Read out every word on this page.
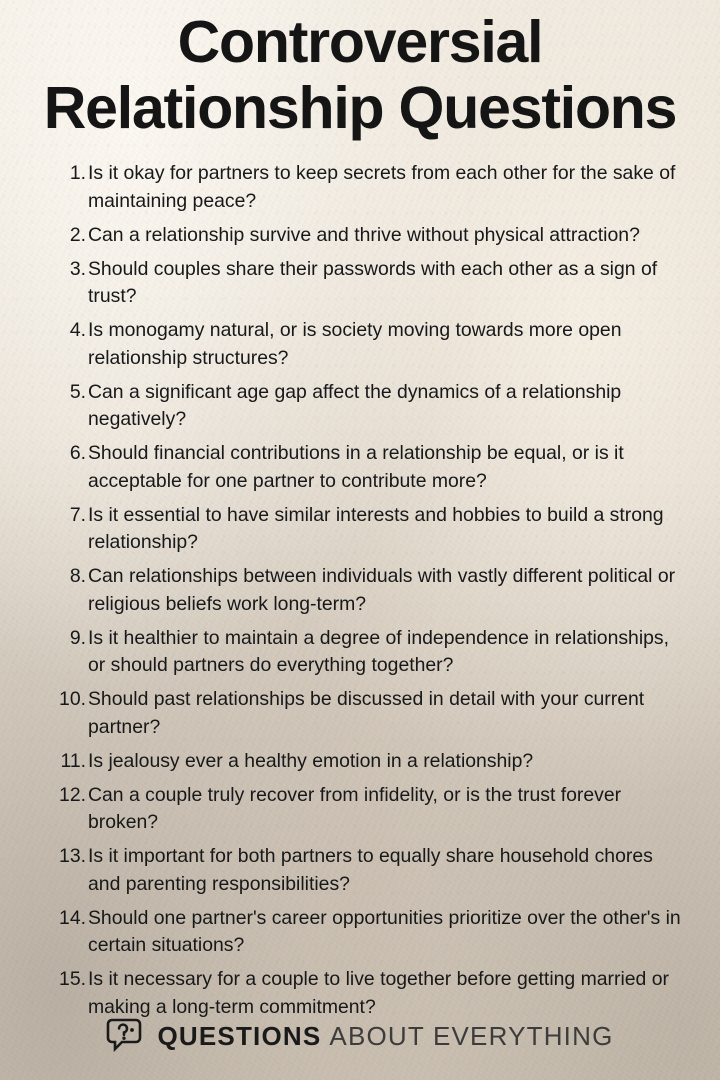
Controversial
Relationship Questions
Is it okay for partners to keep secrets from each other for the sake of maintaining peace?
Can a relationship survive and thrive without physical attraction?
Should couples share their passwords with each other as a sign of trust?
Is monogamy natural, or is society moving towards more open relationship structures?
Can a significant age gap affect the dynamics of a relationship negatively?
Should financial contributions in a relationship be equal, or is it acceptable for one partner to contribute more?
Is it essential to have similar interests and hobbies to build a strong relationship?
Can relationships between individuals with vastly different political or religious beliefs work long-term?
Is it healthier to maintain a degree of independence in relationships, or should partners do everything together?
Should past relationships be discussed in detail with your current partner?
Is jealousy ever a healthy emotion in a relationship?
Can a couple truly recover from infidelity, or is the trust forever broken?
Is it important for both partners to equally share household chores and parenting responsibilities?
Should one partner's career opportunities prioritize over the other's in certain situations?
Is it necessary for a couple to live together before getting married or making a long-term commitment?
QUESTIONS ABOUT EVERYTHING
